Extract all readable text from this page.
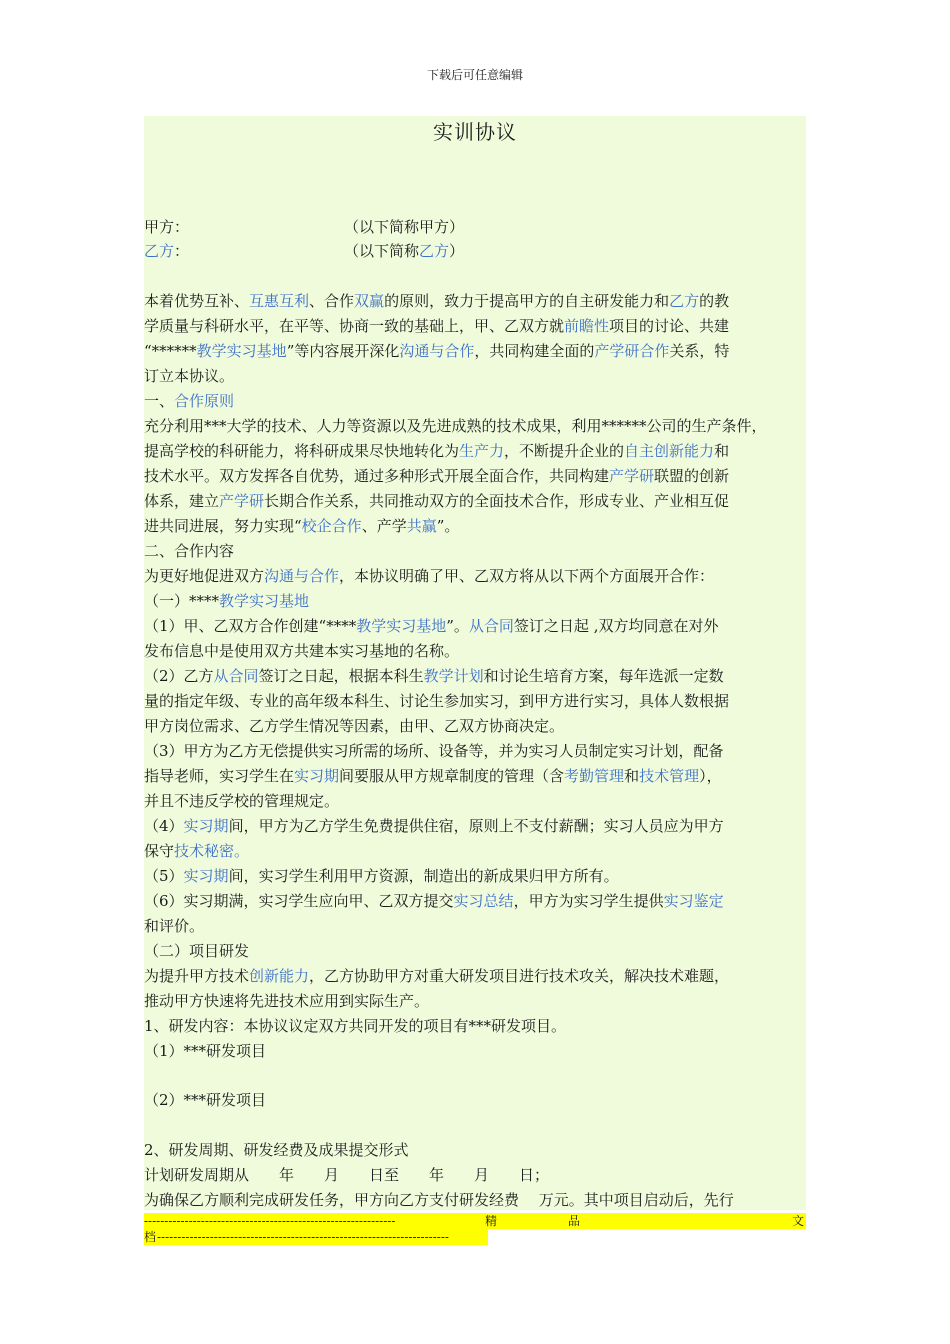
下载后可任意编辑
实训协议
甲方：	（以下简称甲方）
乙方：	（以下简称乙方）
本着优势互补、互惠互利、合作双赢的原则，致力于提高甲方的自主研发能力和乙方的教
学质量与科研水平，在平等、协商一致的基础上，甲、乙双方就前瞻性项目的讨论、共建
“******教学实习基地”等内容展开深化沟通与合作，共同构建全面的产学研合作关系，特
订立本协议。
一、合作原则
充分利用***大学的技术、人力等资源以及先进成熟的技术成果，利用******公司的生产条件，
提高学校的科研能力，将科研成果尽快地转化为生产力，不断提升企业的自主创新能力和
技术水平。双方发挥各自优势，通过多种形式开展全面合作，共同构建产学研联盟的创新
体系，建立产学研长期合作关系，共同推动双方的全面技术合作，形成专业、产业相互促
进共同进展，努力实现“校企合作、产学共赢”。
二、合作内容
为更好地促进双方沟通与合作，本协议明确了甲、乙双方将从以下两个方面展开合作：
（一）****教学实习基地
（1）甲、乙双方合作创建“****教学实习基地”。从合同签订之日起 ,双方均同意在对外
发布信息中是使用双方共建本实习基地的名称。
（2）乙方从合同签订之日起，根据本科生教学计划和讨论生培育方案，每年选派一定数
量的指定年级、专业的高年级本科生、讨论生参加实习，到甲方进行实习，具体人数根据
甲方岗位需求、乙方学生情况等因素，由甲、乙双方协商决定。
（3）甲方为乙方无偿提供实习所需的场所、设备等，并为实习人员制定实习计划，配备
指导老师，实习学生在实习期间要服从甲方规章制度的管理（含考勤管理和技术管理），
并且不违反学校的管理规定。
（4）实习期间，甲方为乙方学生免费提供住宿，原则上不支付薪酬；实习人员应为甲方
保守技术秘密。
（5）实习期间，实习学生利用甲方资源，制造出的新成果归甲方所有。
（6）实习期满，实习学生应向甲、乙双方提交实习总结，甲方为实习学生提供实习鉴定
和评价。
（二）项目研发
为提升甲方技术创新能力，乙方协助甲方对重大研发项目进行技术攻关，解决技术难题，
推动甲方快速将先进技术应用到实际生产。
1、研发内容：本协议议定双方共同开发的项目有***研发项目。
（1）***研发项目
（2）***研发项目
2、研发周期、研发经费及成果提交形式
计划研发周期从　　年　　月　　日至　　年　　月　　日；
为确保乙方顺利完成研发任务，甲方向乙方支付研发经费　 万元。其中项目启动后，先行
--------------------------------------------------------------	精	品	文
档 ------------------------------------------------------------------------
